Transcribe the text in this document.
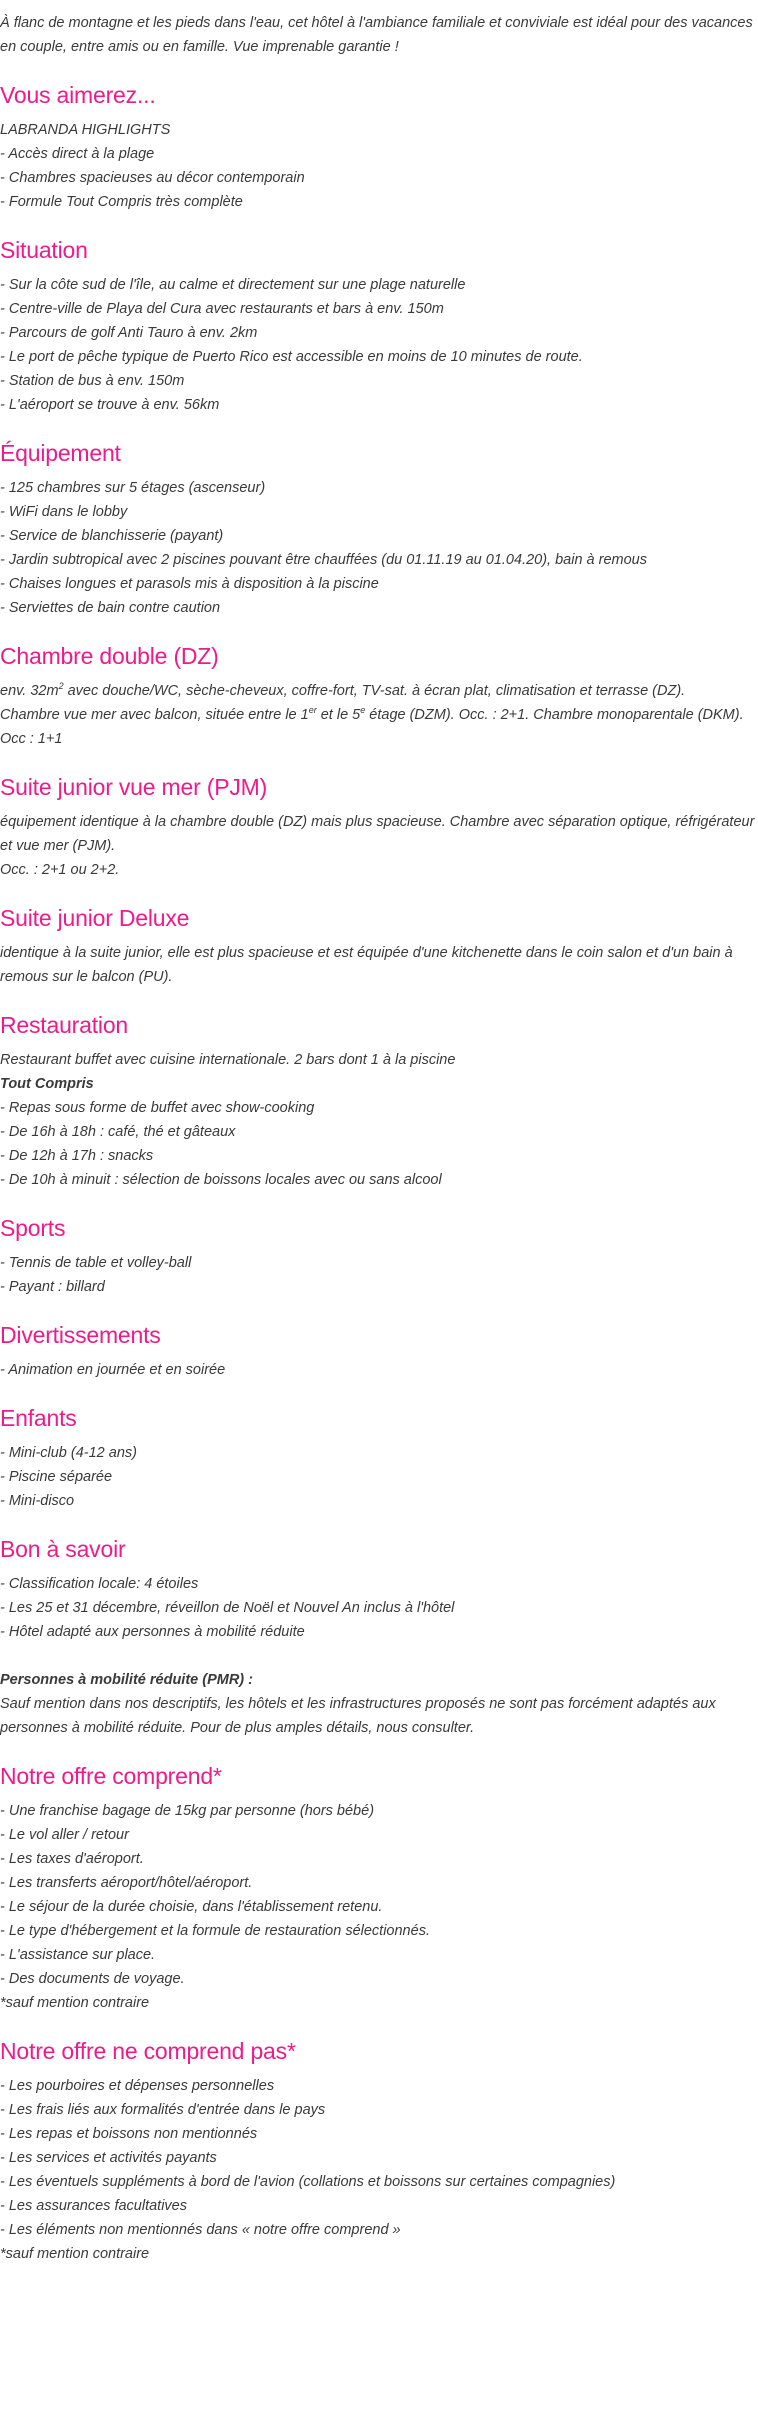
À flanc de montagne et les pieds dans l'eau, cet hôtel à l'ambiance familiale et conviviale est idéal pour des vacances en couple, entre amis ou en famille. Vue imprenable garantie !

Vous aimerez...

LABRANDA HIGHLIGHTS

- Accès direct à la plage

- Chambres spacieuses au décor contemporain

- Formule Tout Compris très complète

Situation

- Sur la côte sud de l'île, au calme et directement sur une plage naturelle

- Centre-ville de Playa del Cura avec restaurants et bars à env. 150m

- Parcours de golf Anti Tauro à env. 2km

- Le port de pêche typique de Puerto Rico est accessible en moins de 10 minutes de route.

- Station de bus à env. 150m

- L'aéroport se trouve à env. 56km

Équipement

- 125 chambres sur 5 étages (ascenseur)

- WiFi dans le lobby

- Service de blanchisserie (payant)

- Jardin subtropical avec 2 piscines pouvant être chauffées (du 01.11.19 au 01.04.20), bain à remous

- Chaises longues et parasols mis à disposition à la piscine

- Serviettes de bain contre caution

Chambre double (DZ)

env. $32m^2$ avec douche/WC, sèche-cheveux, coffre-fort, TV-sat. à écran plat, climatisation et terrasse (DZ).

Chambre vue mer avec balcon, située entre le 1er et le 5e étage (DZM). Occ. : 2+1. Chambre monoparentale (DKM).

Occ : 1+1

Suite junior vue mer (PJM)

équipement identique à la chambre double (DZ) mais plus spacieuse. Chambre avec séparation optique, réfrigérateur et vue mer (PJM).

Occ. : 2+1 ou 2+2.

Suite junior Deluxe

identique à la suite junior, elle est plus spacieuse et est équipée d'une kitchenette dans le coin salon et d'un bain à remous sur le balcon (PU).

Restauration

Restaurant buffet avec cuisine internationale. 2 bars dont 1 à la piscine

Tout Compris

- Repas sous forme de buffet avec show-cooking

- De 16h à 18h : café, thé et gâteaux

- De 12h à 17h : snacks

- De 10h à minuit : sélection de boissons locales avec ou sans alcool

Sports

- Tennis de table et volley-ball

- Payant : billard

Divertissements

- Animation en journée et en soirée

Enfants

- Mini-club (4-12 ans)

- Piscine séparée

- Mini-disco

Bon à savoir

- Classification locale: 4 étoiles

- Les 25 et 31 décembre, réveillon de Noël et Nouvel An inclus à l'hôtel

- Hôtel adapté aux personnes à mobilité réduite

Personnes à mobilité réduite (PMR) :

Sauf mention dans nos descriptifs, les hôtels et les infrastructures proposés ne sont pas forcément adaptés aux personnes à mobilité réduite. Pour de plus amples détails, nous consulter.

Notre offre comprend*

- Une franchise bagage de 15kg par personne (hors bébé)

- Le vol aller / retour

- Les taxes d'aéroport.

- Les transferts aéroport/hôtel/aéroport.

- Le séjour de la durée choisie, dans l'établissement retenu.

- Le type d'hébergement et la formule de restauration sélectionnés.

- L'assistance sur place.

- Des documents de voyage.

*sauf mention contraire

Notre offre ne comprend pas*

- Les pourboires et dépenses personnelles

- Les frais liés aux formalités d'entrée dans le pays

- Les repas et boissons non mentionnés

- Les services et activités payants

- Les éventuels suppléments à bord de l'avion (collations et boissons sur certaines compagnies)

- Les assurances facultatives

- Les éléments non mentionnés dans « notre offre comprend »

*sauf mention contraire
